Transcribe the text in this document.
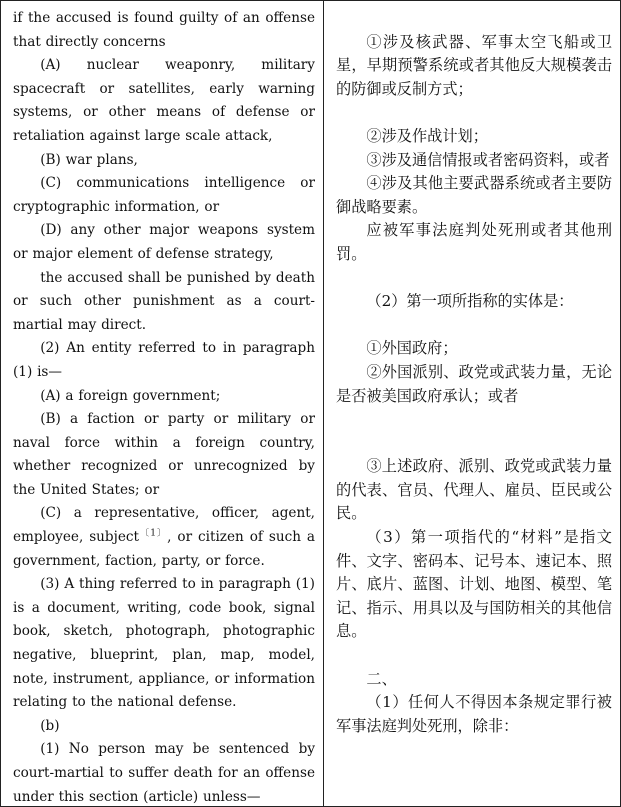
if the accused is found guilty of an offense that directly concerns

(A) nuclear weaponry, military spacecraft or satellites, early warning systems, or other means of defense or retaliation against large scale attack,

(B) war plans,

(C) communications intelligence or cryptographic information, or

(D) any other major weapons system or major element of defense strategy,

the accused shall be punished by death or such other punishment as a court-martial may direct.

(2) An entity referred to in paragraph (1) is—

(A) a foreign government;

(B) a faction or party or military or naval force within a foreign country, whether recognized or unrecognized by the United States; or

(C) a representative, officer, agent, employee, subject$^{〔1〕}$, or citizen of such a government, faction, party, or force.

(3) A thing referred to in paragraph (1) is a document, writing, code book, signal book, sketch, photograph, photographic negative, blueprint, plan, map, model, note, instrument, appliance, or information relating to the national defense.

(b)

(1) No person may be sentenced by court-martial to suffer death for an offense under this section (article) unless—

①涉及核武器、军事太空飞船或卫星，早期预警系统或者其他反大规模袭击的防御或反制方式；

②涉及作战计划；

③涉及通信情报或者密码资料，或者

④涉及其他主要武器系统或者主要防御战略要素。

应被军事法庭判处死刑或者其他刑罚。

（2）第一项所指称的实体是：

①外国政府；

②外国派别、政党或武装力量，无论是否被美国政府承认；或者

③上述政府、派别、政党或武装力量的代表、官员、代理人、雇员、臣民或公民。

（3）第一项指代的“材料”是指文件、文字、密码本、记号本、速记本、照片、底片、蓝图、计划、地图、模型、笔记、指示、用具以及与国防相关的其他信息。

二、

（1）任何人不得因本条规定罪行被军事法庭判处死刑，除非：
